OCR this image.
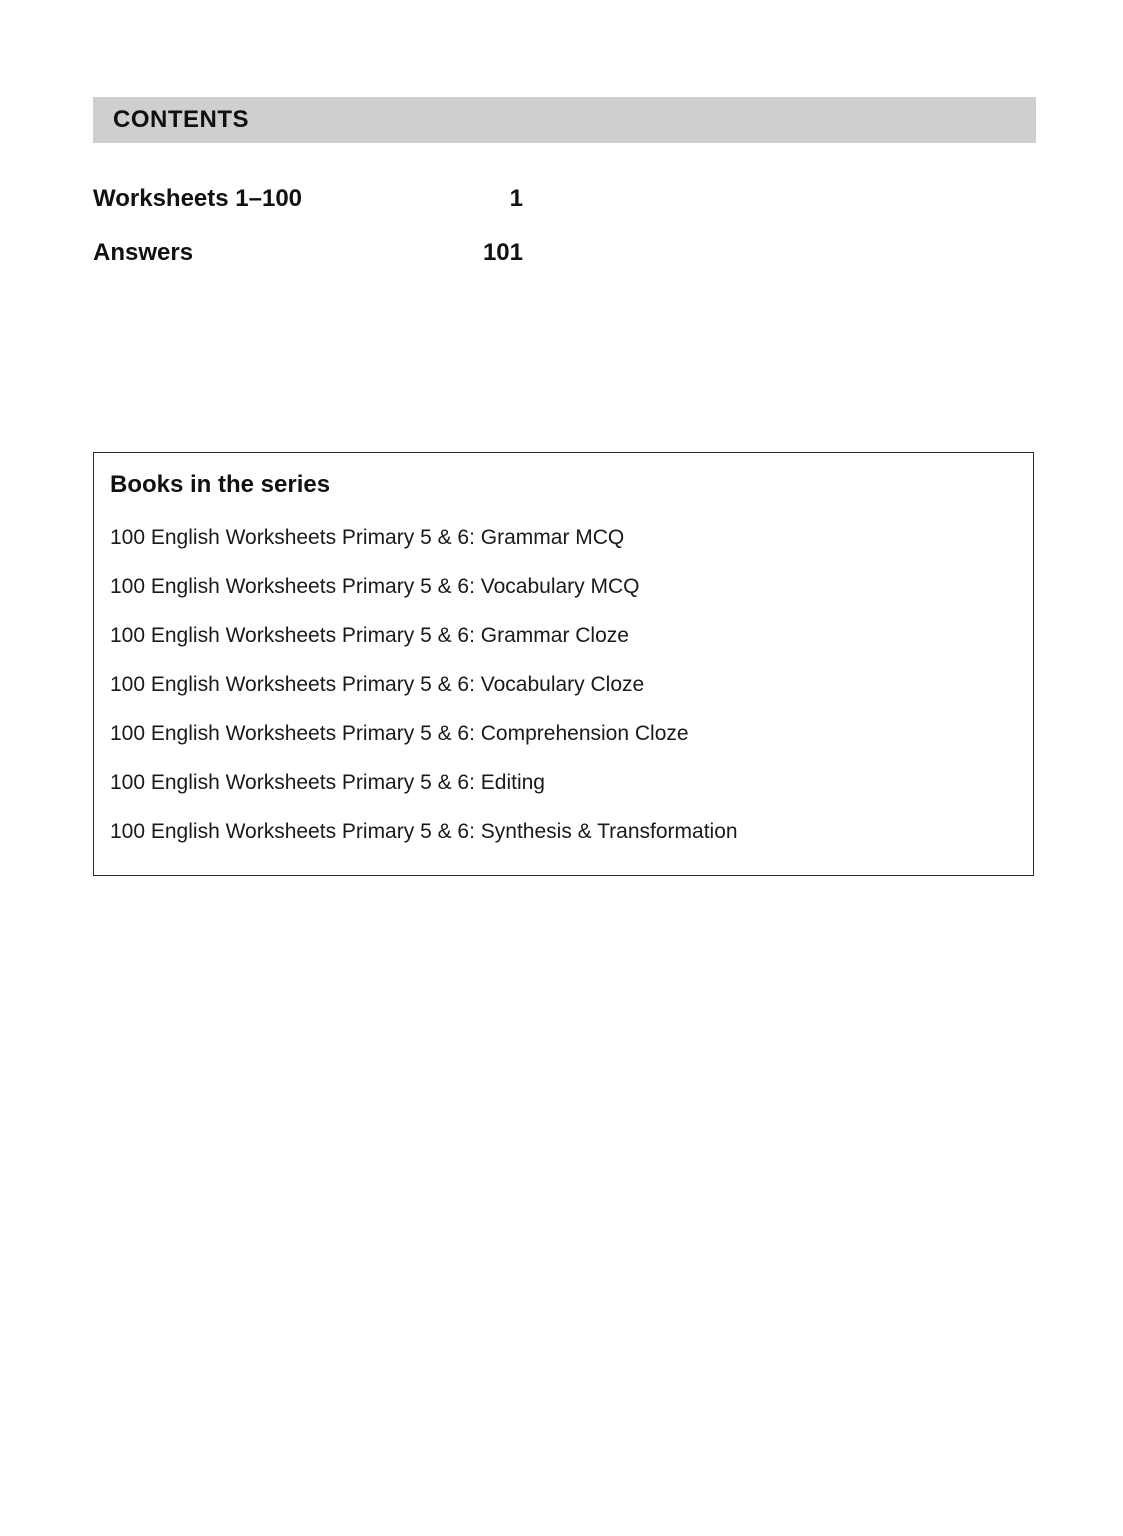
CONTENTS
Worksheets 1–100	1
Answers	101
Books in the series
100 English Worksheets Primary 5 & 6: Grammar MCQ
100 English Worksheets Primary 5 & 6: Vocabulary MCQ
100 English Worksheets Primary 5 & 6: Grammar Cloze
100 English Worksheets Primary 5 & 6: Vocabulary Cloze
100 English Worksheets Primary 5 & 6: Comprehension Cloze
100 English Worksheets Primary 5 & 6: Editing
100 English Worksheets Primary 5 & 6: Synthesis & Transformation
